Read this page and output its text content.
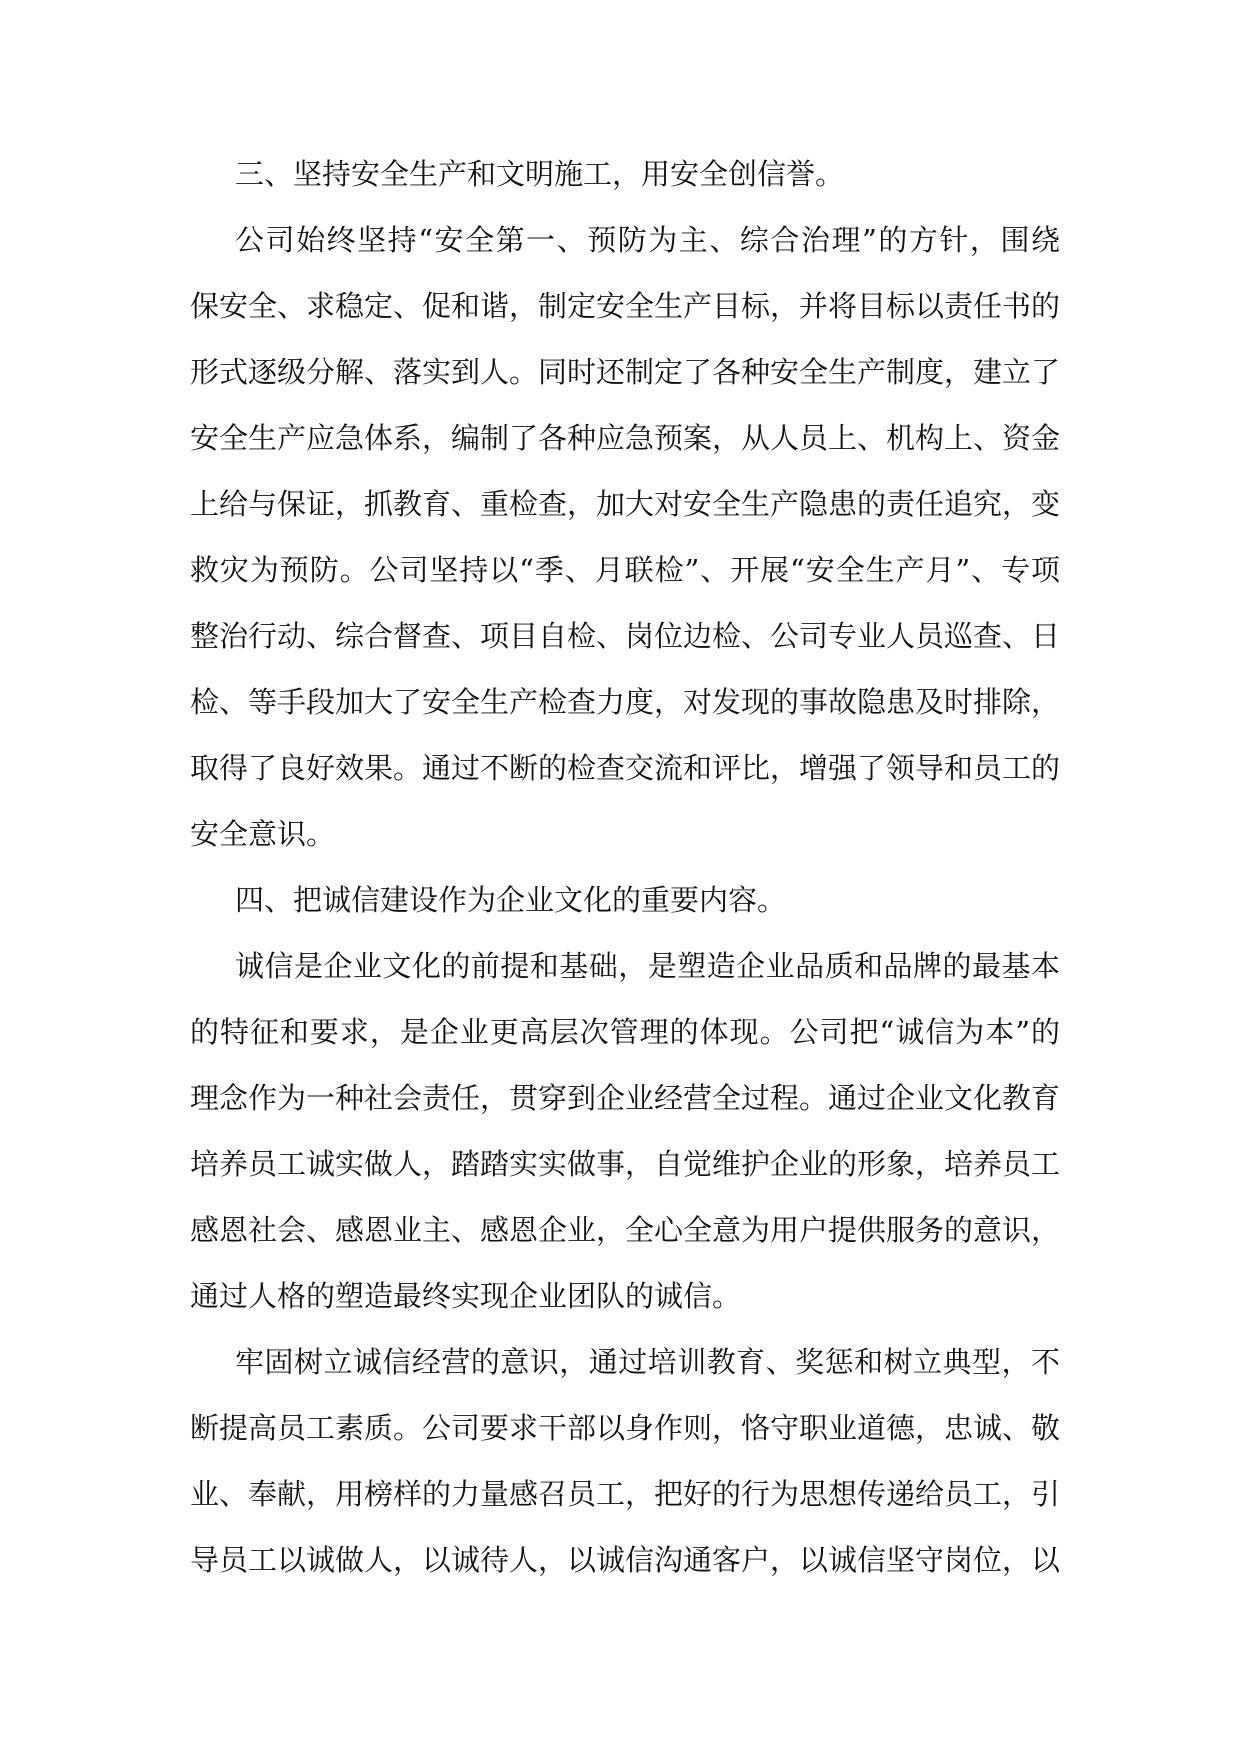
三、坚持安全生产和文明施工，用安全创信誉。
公司始终坚持“安全第一、预防为主、综合治理”的方针，围绕
保安全、求稳定、促和谐，制定安全生产目标，并将目标以责任书的
形式逐级分解、落实到人。同时还制定了各种安全生产制度，建立了
安全生产应急体系，编制了各种应急预案，从人员上、机构上、资金
上给与保证，抓教育、重检查，加大对安全生产隐患的责任追究，变
救灾为预防。公司坚持以“季、月联检”、开展“安全生产月”、专项
整治行动、综合督查、项目自检、岗位边检、公司专业人员巡查、日
检、等手段加大了安全生产检查力度，对发现的事故隐患及时排除，
取得了良好效果。通过不断的检查交流和评比，增强了领导和员工的
安全意识。
四、把诚信建设作为企业文化的重要内容。
诚信是企业文化的前提和基础，是塑造企业品质和品牌的最基本
的特征和要求，是企业更高层次管理的体现。公司把“诚信为本”的
理念作为一种社会责任，贯穿到企业经营全过程。通过企业文化教育
培养员工诚实做人，踏踏实实做事，自觉维护企业的形象，培养员工
感恩社会、感恩业主、感恩企业，全心全意为用户提供服务的意识，
通过人格的塑造最终实现企业团队的诚信。
牢固树立诚信经营的意识，通过培训教育、奖惩和树立典型，不
断提高员工素质。公司要求干部以身作则，恪守职业道德，忠诚、敬
业、奉献，用榜样的力量感召员工，把好的行为思想传递给员工，引
导员工以诚做人，以诚待人，以诚信沟通客户，以诚信坚守岗位，以
